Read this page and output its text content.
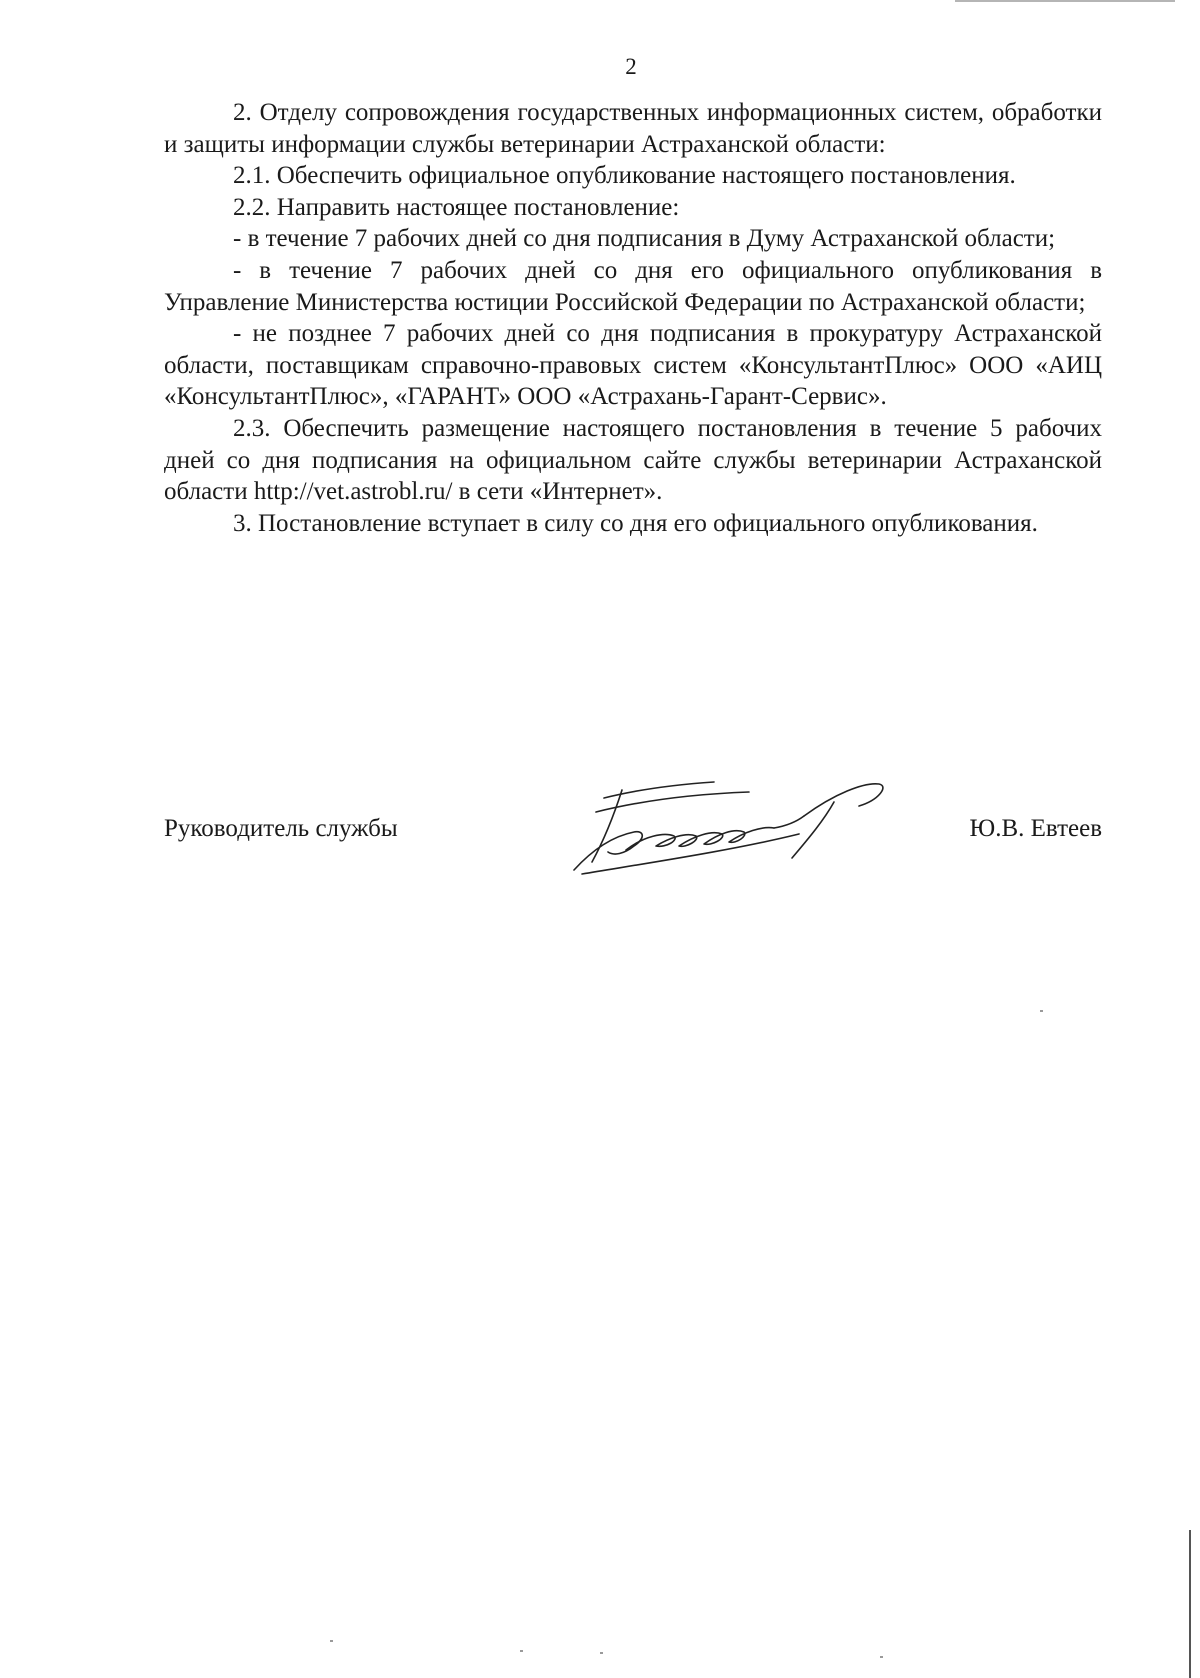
2

2. Отделу сопровождения государственных информационных систем, обработки и защиты информации службы ветеринарии Астраханской области:

2.1. Обеспечить официальное опубликование настоящего постановления.

2.2. Направить настоящее постановление:

- в течение 7 рабочих дней со дня подписания в Думу Астраханской области;

- в течение 7 рабочих дней со дня его официального опубликования в Управление Министерства юстиции Российской Федерации по Астраханской области;

- не позднее 7 рабочих дней со дня подписания в прокуратуру Астраханской области, поставщикам справочно-правовых систем «КонсультантПлюс» ООО «АИЦ «КонсультантПлюс», «ГАРАНТ» ООО «Астрахань-Гарант-Сервис».

2.3. Обеспечить размещение настоящего постановления в течение 5 рабочих дней со дня подписания на официальном сайте службы ветеринарии Астраханской области http://vet.astrobl.ru/ в сети «Интернет».

3. Постановление вступает в силу со дня его официального опубликования.

Руководитель службы	Ю.В. Евтеев
